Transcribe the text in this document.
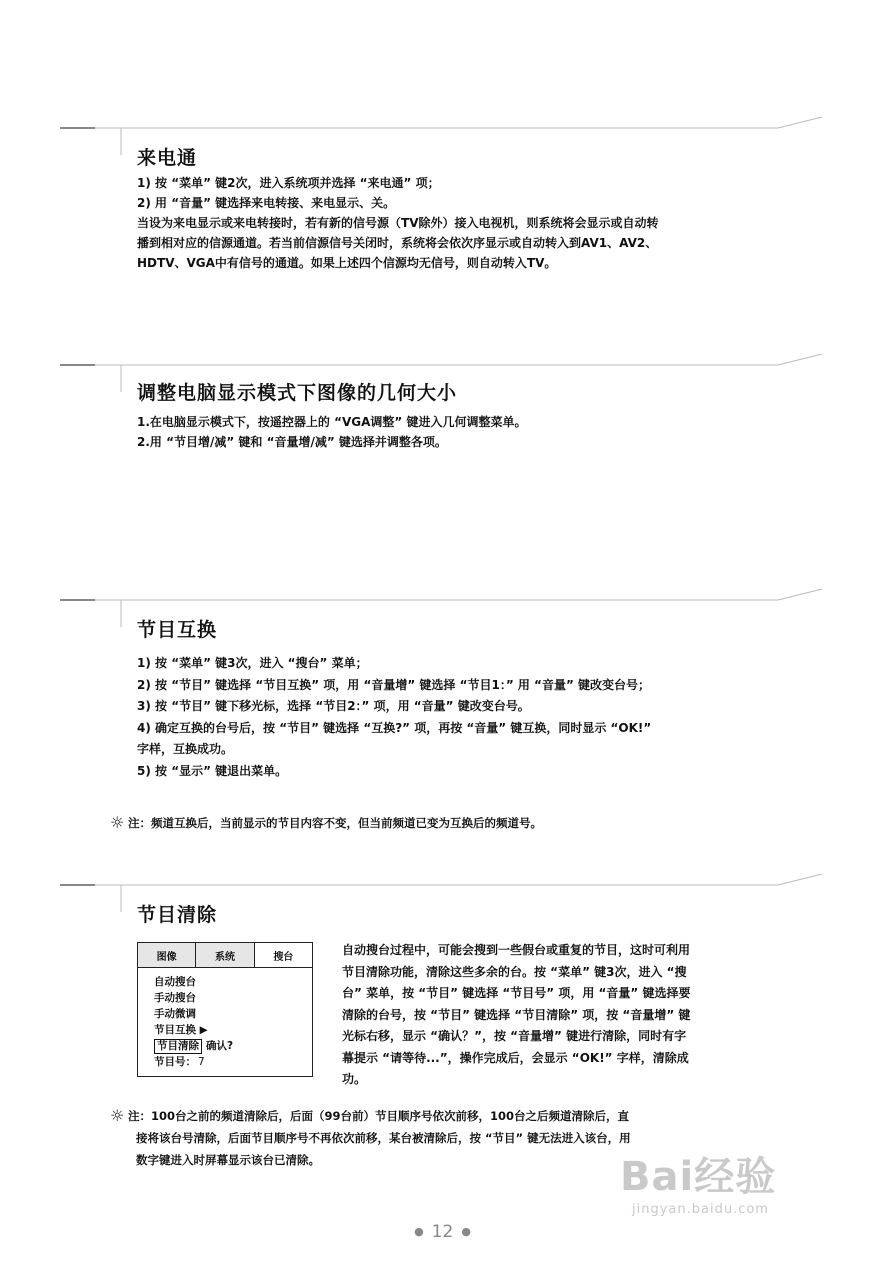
来电通

1) 按 “菜单” 键2次，进入系统项并选择 “来电通” 项；

2) 用 “音量” 键选择来电转接、来电显示、关。

当设为来电显示或来电转接时，若有新的信号源（TV除外）接入电视机，则系统将会显示或自动转

播到相对应的信源通道。若当前信源信号关闭时，系统将会依次序显示或自动转入到AV1、AV2、

HDTV、VGA中有信号的通道。如果上述四个信源均无信号，则自动转入TV。

调整电脑显示模式下图像的几何大小

1.在电脑显示模式下，按遥控器上的 “VGA调整” 键进入几何调整菜单。

2.用 “节目增/减” 键和 “音量增/减” 键选择并调整各项。

节目互换

1) 按 “菜单” 键3次，进入 “搜台” 菜单；

2) 按 “节目” 键选择 “节目互换” 项，用 “音量增” 键选择 “节目1：” 用 “音量” 键改变台号；

3) 按 “节目” 键下移光标，选择 “节目2：” 项，用 “音量” 键改变台号。

4) 确定互换的台号后，按 “节目” 键选择 “互换?” 项，再按 “音量” 键互换，同时显示 “OK!”

字样，互换成功。

5) 按 “显示” 键退出菜单。

☼ 注：频道互换后，当前显示的节目内容不变，但当前频道已变为互换后的频道号。
节目清除
图像	系统	搜台
自动搜台
手动搜台
手动微调
节目互换 ▶
节目清除 确认?
节目号： 7
自动搜台过程中，可能会搜到一些假台或重复的节目，这时可利用
节目清除功能，清除这些多余的台。按 “菜单” 键3次，进入 “搜
台” 菜单，按 “节目” 键选择 “节目号” 项，用 “音量” 键选择要
清除的台号，按 “节目” 键选择 “节目清除” 项，按 “音量增” 键
光标右移，显示 “确认？”，按 “音量增” 键进行清除，同时有字
幕提示 “请等待...”，操作完成后，会显示 “OK!” 字样，清除成
功。
☼ 注：100台之前的频道清除后，后面（99台前）节目顺序号依次前移，100台之后频道清除后，直
接将该台号清除，后面节目顺序号不再依次前移，某台被清除后，按 “节目” 键无法进入该台，用
数字键进入时屏幕显示该台已清除。	Bai经验
jingyan.baidu.com
● 12 ●
